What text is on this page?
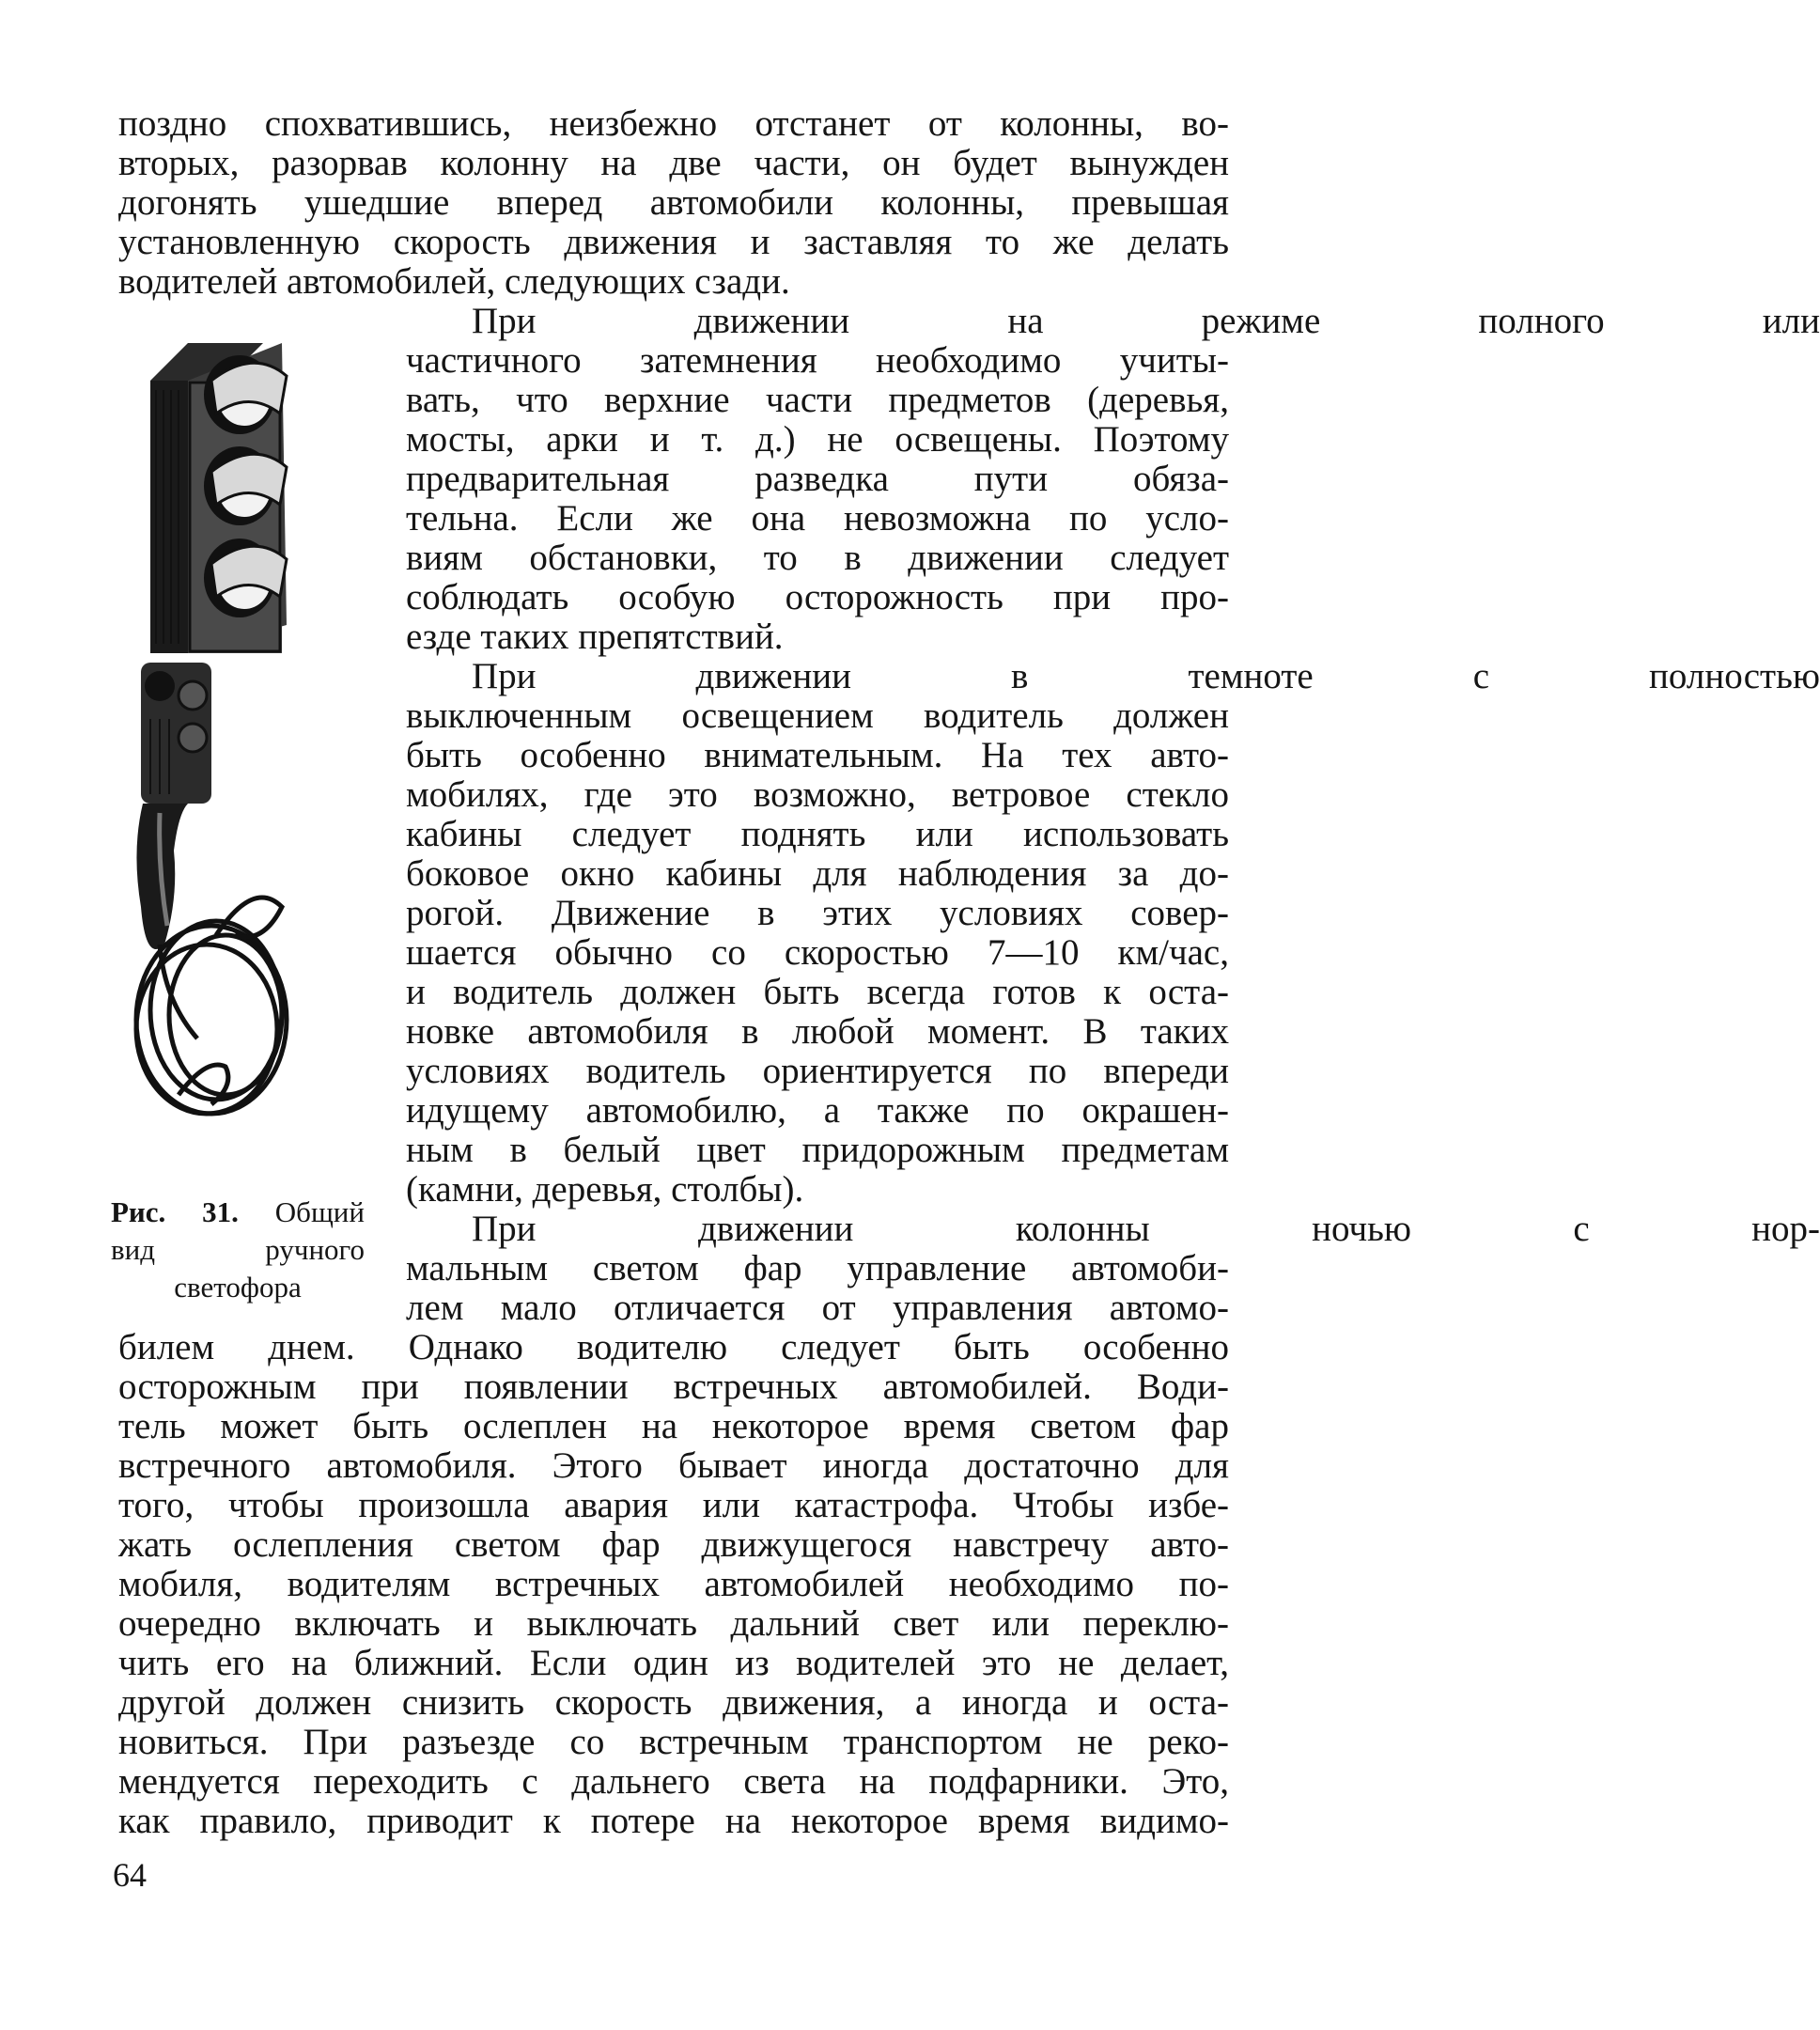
поздно спохватившись, неизбежно отстанет от колонны, во-
вторых, разорвав колонну на две части, он будет вынужден
догонять ушедшие вперед автомобили колонны, превышая
установленную скорость движения и заставляя то же делать
водителей автомобилей, следующих сзади.
При движении на режиме полного или
частичного затемнения необходимо учиты-
вать, что верхние части предметов (деревья,
мосты, арки и т. д.) не освещены. Поэтому
предварительная разведка пути обяза-
тельна. Если же она невозможна по усло-
виям обстановки, то в движении следует
соблюдать особую осторожность при про-
езде таких препятствий.
При движении в темноте с полностью
выключенным освещением водитель должен
быть особенно внимательным. На тех авто-
мобилях, где это возможно, ветровое стекло
кабины следует поднять или использовать
боковое окно кабины для наблюдения за до-
рогой. Движение в этих условиях совер-
шается обычно со скоростью 7—10 км/час,
и водитель должен быть всегда готов к оста-
новке автомобиля в любой момент. В таких
условиях водитель ориентируется по впереди
идущему автомобилю, а также по окрашен-
ным в белый цвет придорожным предметам
(камни, деревья, столбы).
При движении колонны ночью с нор-
мальным светом фар управление автомоби-
лем мало отличается от управления автомо-
билем днем. Однако водителю следует быть особенно
осторожным при появлении встречных автомобилей. Води-
тель может быть ослеплен на некоторое время светом фар
встречного автомобиля. Этого бывает иногда достаточно для
того, чтобы произошла авария или катастрофа. Чтобы избе-
жать ослепления светом фар движущегося навстречу авто-
мобиля, водителям встречных автомобилей необходимо по-
очередно включать и выключать дальний свет или переклю-
чить его на ближний. Если один из водителей это не делает,
другой должен снизить скорость движения, а иногда и оста-
новиться. При разъезде со встречным транспортом не реко-
мендуется переходить с дальнего света на подфарники. Это,
как правило, приводит к потере на некоторое время видимо-
Рис. 31. Общий
вид ручного
светофора
64
